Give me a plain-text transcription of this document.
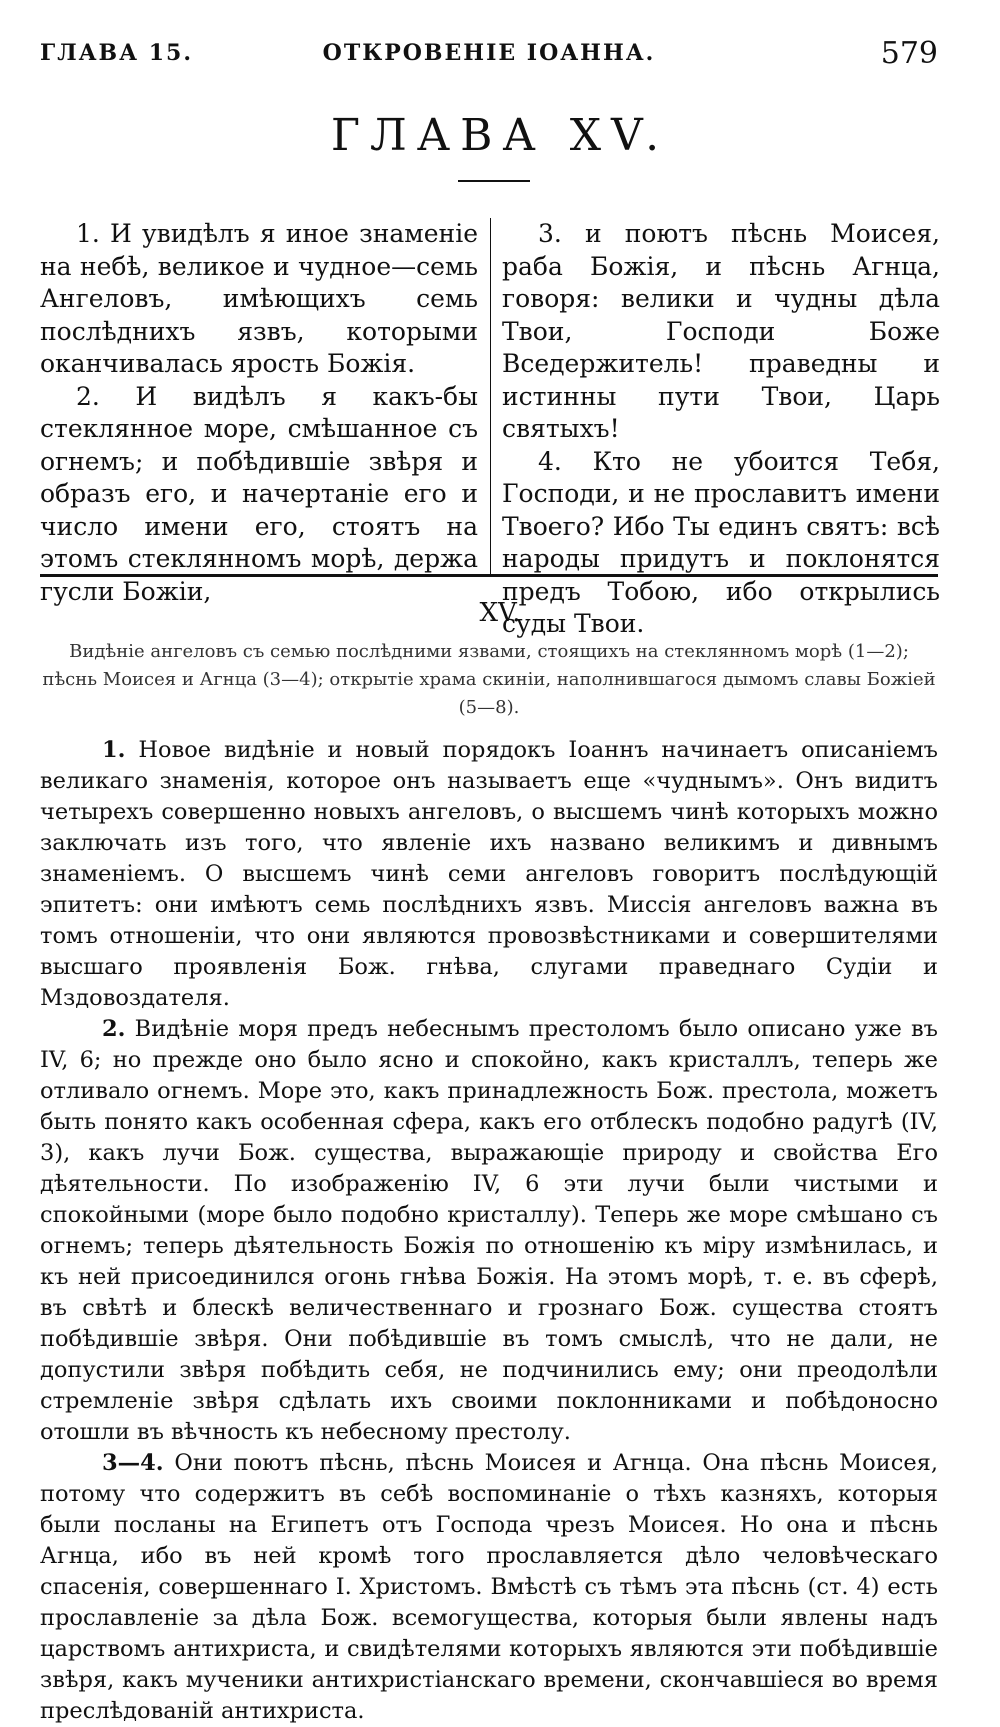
ГЛАВА 15.	ОТКРОВЕНІЕ ІОАННА.	579
ГЛАВА XV.

1. И увидѣлъ я иное знаменіе на небѣ, великое и чудное—семь Ангеловъ, имѣющихъ семь послѣднихъ язвъ, которыми оканчивалась ярость Божія.

2. И видѣлъ я какъ-бы стеклянное море, смѣшанное съ огнемъ; и побѣдившіе звѣря и образъ его, и начертаніе его и число имени его, стоятъ на этомъ стеклянномъ морѣ, держа гусли Божіи,

3. и поютъ пѣснь Моисея, раба Божія, и пѣснь Агнца, говоря: велики и чудны дѣла Твои, Господи Боже Вседержитель! праведны и истинны пути Твои, Царь святыхъ!

4. Кто не убоится Тебя, Господи, и не прославитъ имени Твоего? Ибо Ты единъ святъ: всѣ народы придутъ и поклонятся предъ Тобою, ибо открылись суды Твои.

XV.
Видѣніе ангеловъ съ семью послѣдними язвами, стоящихъ на стеклянномъ морѣ (1—2); пѣснь Моисея и Агнца (3—4); открытіе храма скиніи, наполнившагося дымомъ славы Божіей (5—8).

1. Новое видѣніе и новый порядокъ Іоаннъ начинаетъ описаніемъ великаго знаменія, которое онъ называетъ еще «чуднымъ». Онъ видитъ четырехъ совершенно новыхъ ангеловъ, о высшемъ чинѣ которыхъ можно заключать изъ того, что явленіе ихъ названо великимъ и дивнымъ знаменіемъ. О высшемъ чинѣ семи ангеловъ говоритъ послѣдующій эпитетъ: они имѣютъ семь послѣднихъ язвъ. Миссія ангеловъ важна въ томъ отношеніи, что они являются провозвѣстниками и совершителями высшаго проявленія Бож. гнѣва, слугами праведнаго Судіи и Мздовоздателя.

2. Видѣніе моря предъ небеснымъ престоломъ было описано уже въ IV, 6; но прежде оно было ясно и спокойно, какъ кристаллъ, теперь же отливало огнемъ. Море это, какъ принадлежность Бож. престола, можетъ быть понято какъ особенная сфера, какъ его отблескъ подобно радугѣ (IV, 3), какъ лучи Бож. существа, выражающіе природу и свойства Его дѣятельности. По изображенію IV, 6 эти лучи были чистыми и спокойными (море было подобно кристаллу). Теперь же море смѣшано съ огнемъ; теперь дѣятельность Божія по отношенію къ міру измѣнилась, и къ ней присоединился огонь гнѣва Божія. На этомъ морѣ, т. е. въ сферѣ, въ свѣтѣ и блескѣ величественнаго и грознаго Бож. существа стоятъ побѣдившіе звѣря. Они побѣдившіе въ томъ смыслѣ, что не дали, не допустили звѣря побѣдить себя, не подчинились ему; они преодолѣли стремленіе звѣря сдѣлать ихъ своими поклонниками и побѣдоносно отошли въ вѣчность къ небесному престолу.

3—4. Они поютъ пѣснь, пѣснь Моисея и Агнца. Она пѣснь Моисея, потому что содержитъ въ себѣ воспоминаніе о тѣхъ казняхъ, которыя были посланы на Египетъ отъ Господа чрезъ Моисея. Но она и пѣснь Агнца, ибо въ ней кромѣ того прославляется дѣло человѣческаго спасенія, совершеннаго І. Христомъ. Вмѣстѣ съ тѣмъ эта пѣснь (ст. 4) есть прославленіе за дѣла Бож. всемогущества, которыя были явлены надъ царствомъ антихриста, и свидѣтелями которыхъ являются эти побѣдившіе звѣря, какъ мученики антихристіанскаго времени, скончавшіеся во время преслѣдованій антихриста.
